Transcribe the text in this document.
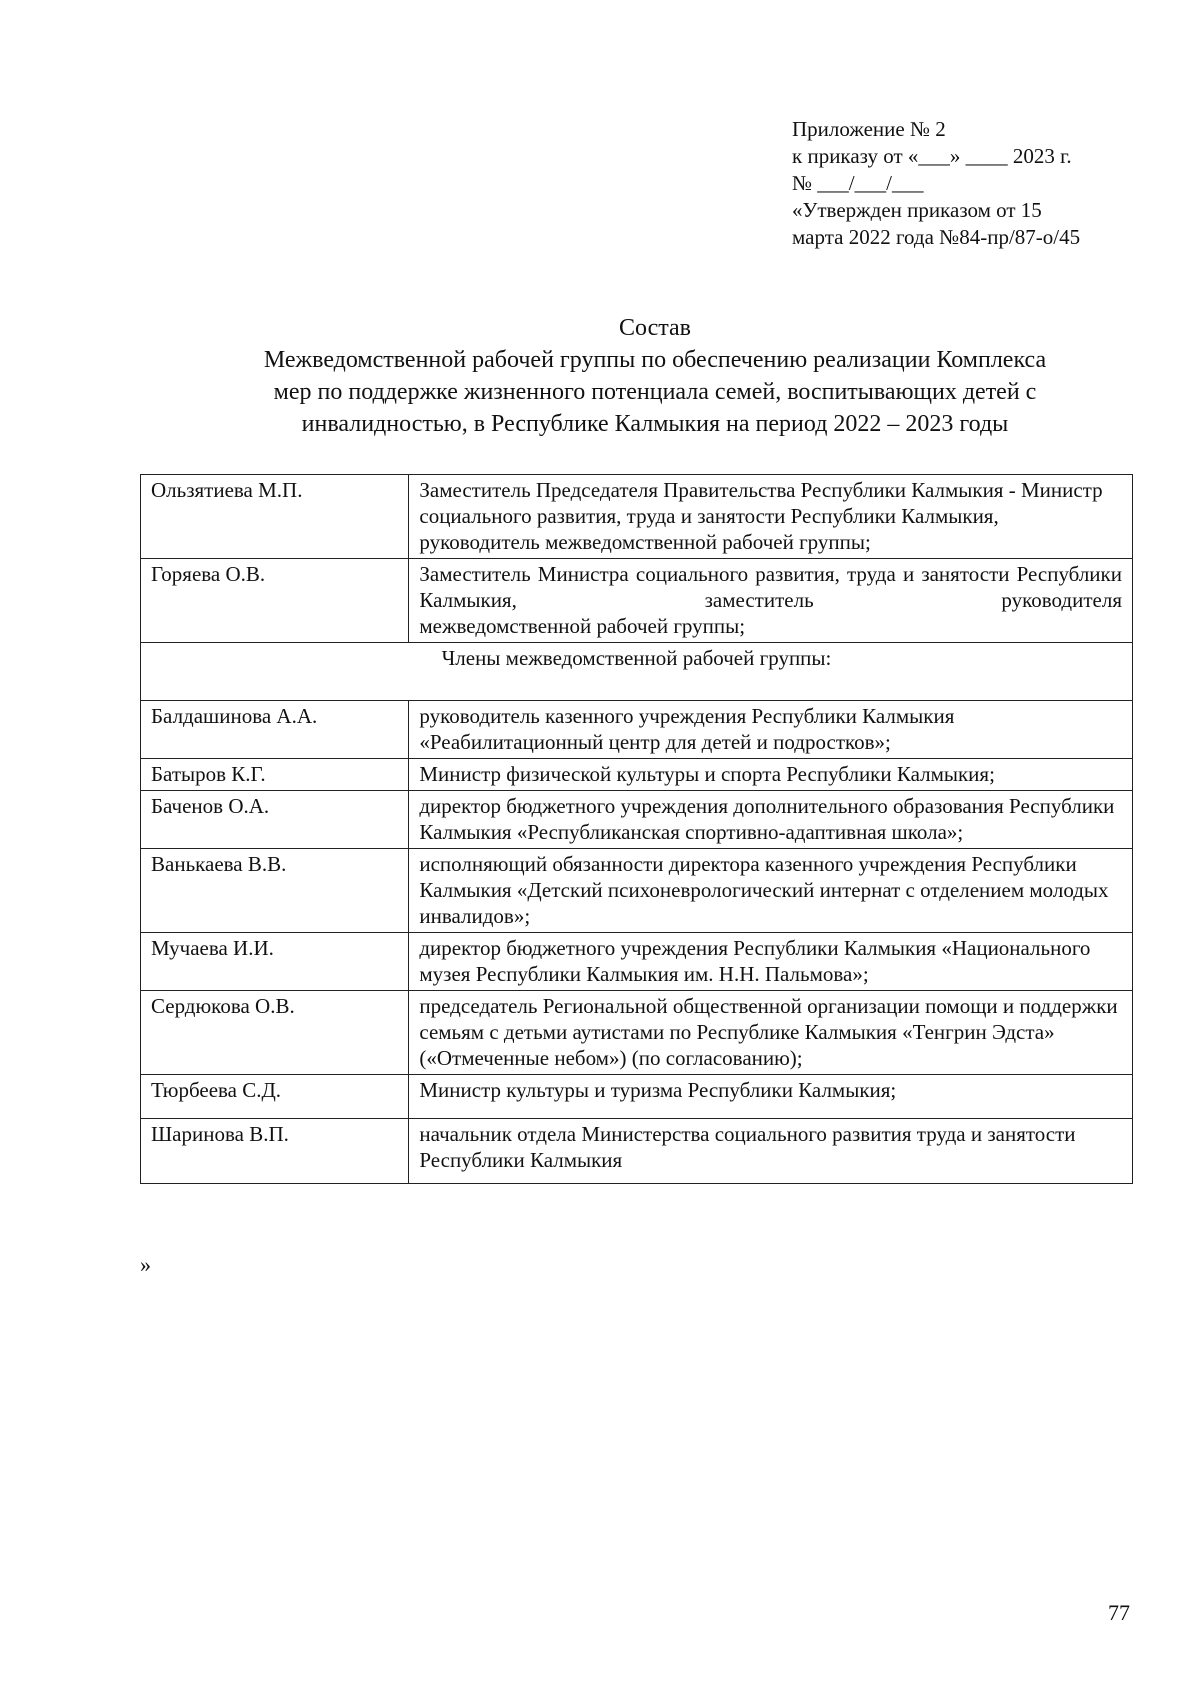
Приложение № 2
к приказу от «___» ____ 2023 г.
№ ___/___/___
«Утвержден приказом от 15
марта 2022 года №84-пр/87-о/45
Состав
Межведомственной рабочей группы по обеспечению реализации Комплекса
мер по поддержке жизненного потенциала семей, воспитывающих детей с
инвалидностью, в Республике Калмыкия на период 2022 – 2023 годы
Ользятиева М.П.	Заместитель Председателя Правительства Республики Калмыкия - Министр социального развития, труда и занятости Республики Калмыкия, руководитель межведомственной рабочей группы;
Горяева О.В.	Заместитель Министра социального развития, труда и занятости Республики Калмыкия, заместитель руководителя
межведомственной рабочей группы;

Члены межведомственной рабочей группы:	
Балдашинова А.А.	руководитель казенного учреждения Республики Калмыкия «Реабилитационный центр для детей и подростков»;
Батыров К.Г.	Министр физической культуры и спорта Республики Калмыкия;
Баченов О.А.	директор бюджетного учреждения дополнительного образования Республики Калмыкия «Республиканская спортивно-адаптивная школа»;
Ванькаева В.В.	исполняющий обязанности директора казенного учреждения Республики Калмыкия «Детский психоневрологический интернат с отделением молодых инвалидов»;
Мучаева И.И.	директор бюджетного учреждения Республики Калмыкия «Национального музея Республики Калмыкия им. Н.Н. Пальмова»;
Сердюкова О.В.	председатель Региональной общественной организации помощи и поддержки семьям с детьми аутистами по Республике Калмыкия «Тенгрин Эдста» («Отмеченные небом») (по согласованию);
Тюрбеева С.Д.	Министр культуры и туризма Республики Калмыкия;
Шаринова В.П.	начальник отдела Министерства социального развития труда и занятости Республики Калмыкия
»
77
